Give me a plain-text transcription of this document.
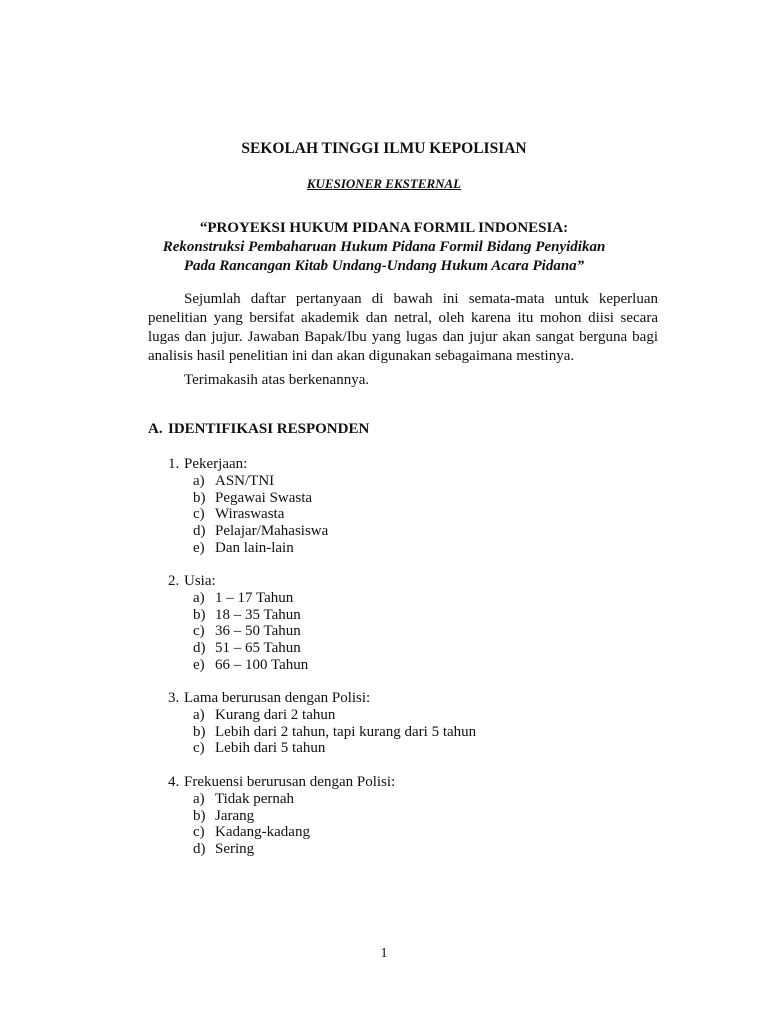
SEKOLAH TINGGI ILMU KEPOLISIAN
KUESIONER EKSTERNAL
“PROYEKSI HUKUM PIDANA FORMIL INDONESIA:
Rekonstruksi Pembaharuan Hukum Pidana Formil Bidang Penyidikan
Pada Rancangan Kitab Undang-Undang Hukum Acara Pidana”
Sejumlah daftar pertanyaan di bawah ini semata-mata untuk keperluan penelitian yang bersifat akademik dan netral, oleh karena itu mohon diisi secara lugas dan jujur. Jawaban Bapak/Ibu yang lugas dan jujur akan sangat berguna bagi analisis hasil penelitian ini dan akan digunakan sebagaimana mestinya.
Terimakasih atas berkenannya.
A. IDENTIFIKASI RESPONDEN
1. Pekerjaan:
a) ASN/TNI
b) Pegawai Swasta
c) Wiraswasta
d) Pelajar/Mahasiswa
e) Dan lain-lain
2. Usia:
a) 1 – 17 Tahun
b) 18 – 35 Tahun
c) 36 – 50 Tahun
d) 51 – 65 Tahun
e) 66 – 100 Tahun
3. Lama berurusan dengan Polisi:
a) Kurang dari 2 tahun
b) Lebih dari 2 tahun, tapi kurang dari 5 tahun
c) Lebih dari 5 tahun
4. Frekuensi berurusan dengan Polisi:
a) Tidak pernah
b) Jarang
c) Kadang-kadang
d) Sering
1
